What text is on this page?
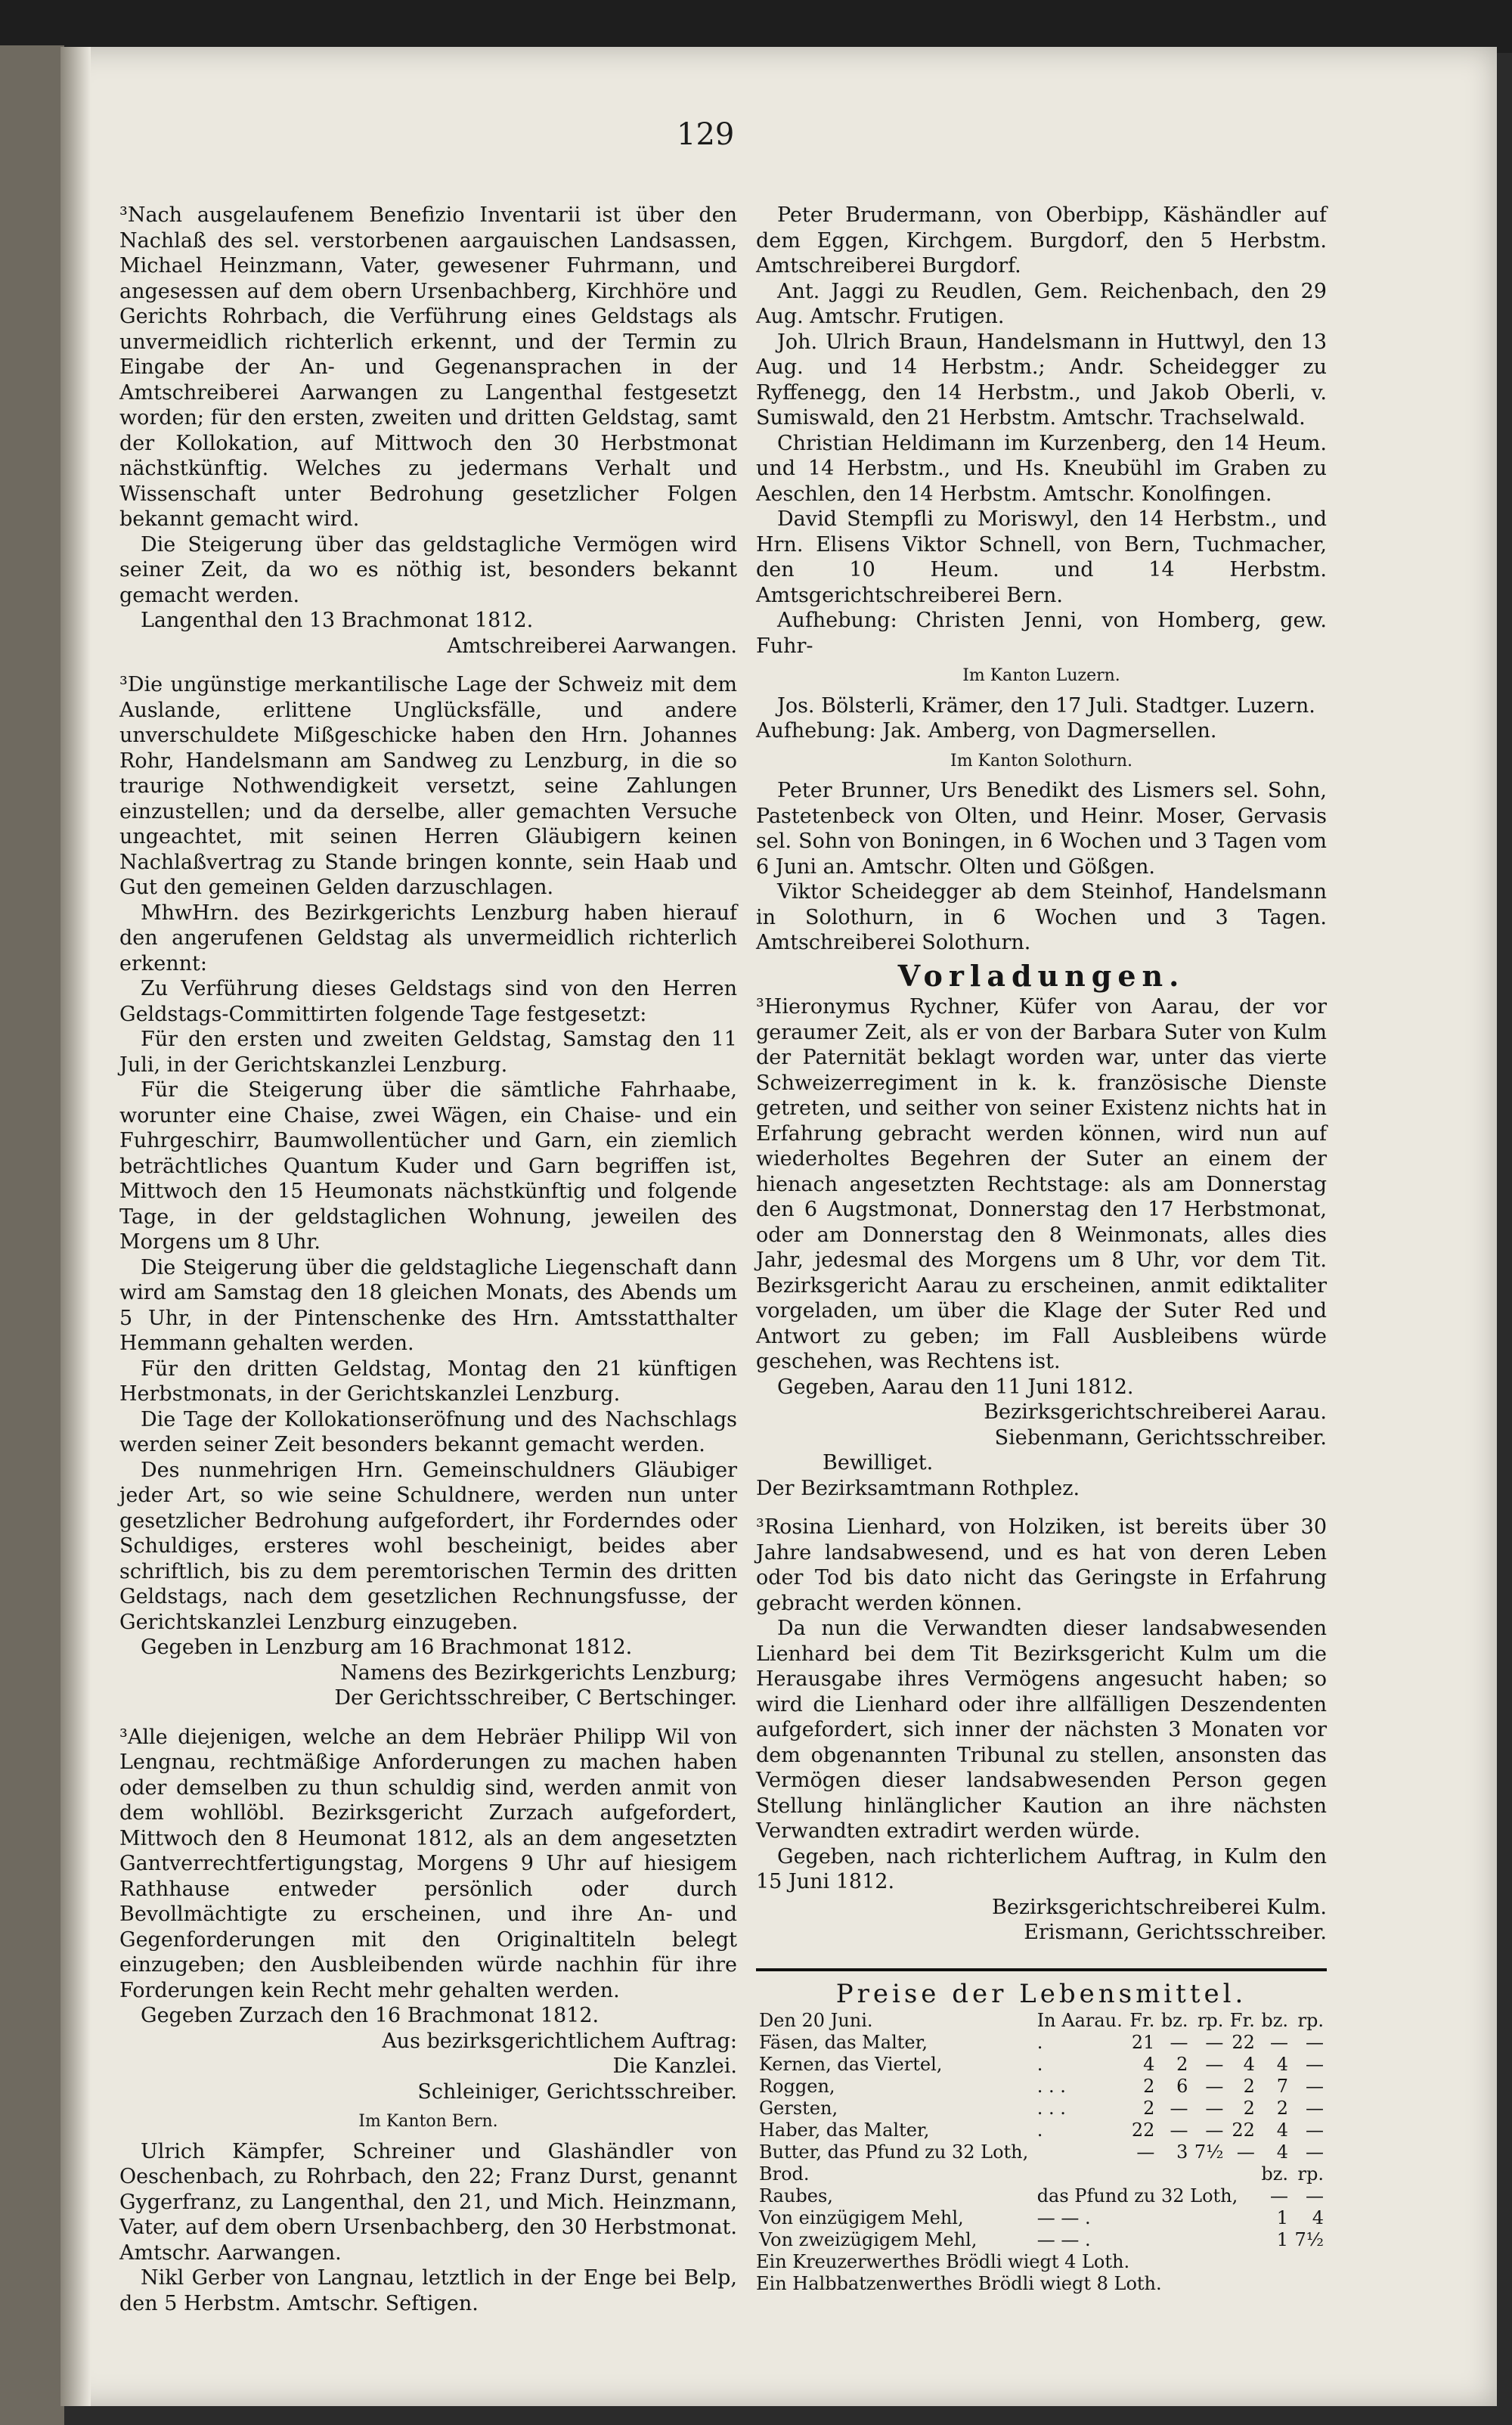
129

³Nach ausgelaufenem Benefizio Inventarii ist über den Nachlaß des sel. verstorbenen aargauischen Landsassen, Michael Heinzmann, Vater, gewesener Fuhrmann, und angesessen auf dem obern Ursenbachberg, Kirchhöre und Gerichts Rohrbach, die Verführung eines Geldstags als unvermeidlich richterlich erkennt, und der Termin zu Eingabe der An- und Gegenansprachen in der Amtschreiberei Aarwangen zu Langenthal festgesetzt worden; für den ersten, zweiten und dritten Geldstag, samt der Kollokation, auf Mittwoch den 30 Herbstmonat nächstkünftig. Welches zu jedermans Verhalt und Wissenschaft unter Bedrohung gesetzlicher Folgen bekannt gemacht wird.

Die Steigerung über das geldstagliche Vermögen wird seiner Zeit, da wo es nöthig ist, besonders bekannt gemacht werden.

Langenthal den 13 Brachmonat 1812.

Amtschreiberei Aarwangen.

³Die ungünstige merkantilische Lage der Schweiz mit dem Auslande, erlittene Unglücksfälle, und andere unverschuldete Mißgeschicke haben den Hrn. Johannes Rohr, Handelsmann am Sandweg zu Lenzburg, in die so traurige Nothwendigkeit versetzt, seine Zahlungen einzustellen; und da derselbe, aller gemachten Versuche ungeachtet, mit seinen Herren Gläubigern keinen Nachlaßvertrag zu Stande bringen konnte, sein Haab und Gut den gemeinen Gelden darzuschlagen.

MhwHrn. des Bezirkgerichts Lenzburg haben hierauf den angerufenen Geldstag als unvermeidlich richterlich erkennt:

Zu Verführung dieses Geldstags sind von den Herren Geldstags-Committirten folgende Tage festgesetzt:

Für den ersten und zweiten Geldstag, Samstag den 11 Juli, in der Gerichtskanzlei Lenzburg.

Für die Steigerung über die sämtliche Fahrhaabe, worunter eine Chaise, zwei Wägen, ein Chaise- und ein Fuhrgeschirr, Baumwollentücher und Garn, ein ziemlich beträchtliches Quantum Kuder und Garn begriffen ist, Mittwoch den 15 Heumonats nächstkünftig und folgende Tage, in der geldstaglichen Wohnung, jeweilen des Morgens um 8 Uhr.

Die Steigerung über die geldstagliche Liegenschaft dann wird am Samstag den 18 gleichen Monats, des Abends um 5 Uhr, in der Pintenschenke des Hrn. Amtsstatthalter Hemmann gehalten werden.

Für den dritten Geldstag, Montag den 21 künftigen Herbstmonats, in der Gerichtskanzlei Lenzburg.

Die Tage der Kollokationseröfnung und des Nachschlags werden seiner Zeit besonders bekannt gemacht werden.

Des nunmehrigen Hrn. Gemeinschuldners Gläubiger jeder Art, so wie seine Schuldnere, werden nun unter gesetzlicher Bedrohung aufgefordert, ihr Forderndes oder Schuldiges, ersteres wohl bescheinigt, beides aber schriftlich, bis zu dem peremtorischen Termin des dritten Geldstags, nach dem gesetzlichen Rechnungsfusse, der Gerichtskanzlei Lenzburg einzugeben.

Gegeben in Lenzburg am 16 Brachmonat 1812.

Namens des Bezirkgerichts Lenzburg;

Der Gerichtsschreiber, C Bertschinger.

³Alle diejenigen, welche an dem Hebräer Philipp Wil von Lengnau, rechtmäßige Anforderungen zu machen haben oder demselben zu thun schuldig sind, werden anmit von dem wohllöbl. Bezirksgericht Zurzach aufgefordert, Mittwoch den 8 Heumonat 1812, als an dem angesetzten Gantverrechtfertigungstag, Morgens 9 Uhr auf hiesigem Rathhause entweder persönlich oder durch Bevollmächtigte zu erscheinen, und ihre An- und Gegenforderungen mit den Originaltiteln belegt einzugeben; den Ausbleibenden würde nachhin für ihre Forderungen kein Recht mehr gehalten werden.

Gegeben Zurzach den 16 Brachmonat 1812.

Aus bezirksgerichtlichem Auftrag:

Die Kanzlei.

Schleiniger, Gerichtsschreiber.

Im Kanton Bern.

Ulrich Kämpfer, Schreiner und Glashändler von Oeschenbach, zu Rohrbach, den 22; Franz Durst, genannt Gygerfranz, zu Langenthal, den 21, und Mich. Heinzmann, Vater, auf dem obern Ursenbachberg, den 30 Herbstmonat. Amtschr. Aarwangen.

Nikl Gerber von Langnau, letztlich in der Enge bei Belp, den 5 Herbstm. Amtschr. Seftigen.

Peter Brudermann, von Oberbipp, Käshändler auf dem Eggen, Kirchgem. Burgdorf, den 5 Herbstm. Amtschreiberei Burgdorf.

Ant. Jaggi zu Reudlen, Gem. Reichenbach, den 29 Aug. Amtschr. Frutigen.

Joh. Ulrich Braun, Handelsmann in Huttwyl, den 13 Aug. und 14 Herbstm.; Andr. Scheidegger zu Ryffenegg, den 14 Herbstm., und Jakob Oberli, v. Sumiswald, den 21 Herbstm. Amtschr. Trachselwald.

Christian Heldimann im Kurzenberg, den 14 Heum. und 14 Herbstm., und Hs. Kneubühl im Graben zu Aeschlen, den 14 Herbstm. Amtschr. Konolfingen.

David Stempfli zu Moriswyl, den 14 Herbstm., und Hrn. Elisens Viktor Schnell, von Bern, Tuchmacher, den 10 Heum. und 14 Herbstm. Amtsgerichtschreiberei Bern.

Aufhebung: Christen Jenni, von Homberg, gew. Fuhr-

Im Kanton Luzern.

Jos. Bölsterli, Krämer, den 17 Juli. Stadtger. Luzern.

Aufhebung: Jak. Amberg, von Dagmersellen.

Im Kanton Solothurn.

Peter Brunner, Urs Benedikt des Lismers sel. Sohn, Pastetenbeck von Olten, und Heinr. Moser, Gervasis sel. Sohn von Boningen, in 6 Wochen und 3 Tagen vom 6 Juni an. Amtschr. Olten und Gößgen.

Viktor Scheidegger ab dem Steinhof, Handelsmann in Solothurn, in 6 Wochen und 3 Tagen. Amtschreiberei Solothurn.

Vorladungen.

³Hieronymus Rychner, Küfer von Aarau, der vor geraumer Zeit, als er von der Barbara Suter von Kulm der Paternität beklagt worden war, unter das vierte Schweizerregiment in k. k. französische Dienste getreten, und seither von seiner Existenz nichts hat in Erfahrung gebracht werden können, wird nun auf wiederholtes Begehren der Suter an einem der hienach angesetzten Rechtstage: als am Donnerstag den 6 Augstmonat, Donnerstag den 17 Herbstmonat, oder am Donnerstag den 8 Weinmonats, alles dies Jahr, jedesmal des Morgens um 8 Uhr, vor dem Tit. Bezirksgericht Aarau zu erscheinen, anmit ediktaliter vorgeladen, um über die Klage der Suter Red und Antwort zu geben; im Fall Ausbleibens würde geschehen, was Rechtens ist.

Gegeben, Aarau den 11 Juni 1812.

Bezirksgerichtschreiberei Aarau.

Siebenmann, Gerichtsschreiber.

Bewilliget.

Der Bezirksamtmann Rothplez.

³Rosina Lienhard, von Holziken, ist bereits über 30 Jahre landsabwesend, und es hat von deren Leben oder Tod bis dato nicht das Geringste in Erfahrung gebracht werden können.

Da nun die Verwandten dieser landsabwesenden Lienhard bei dem Tit Bezirksgericht Kulm um die Herausgabe ihres Vermögens angesucht haben; so wird die Lienhard oder ihre allfälligen Deszendenten aufgefordert, sich inner der nächsten 3 Monaten vor dem obgenannten Tribunal zu stellen, ansonsten das Vermögen dieser landsabwesenden Person gegen Stellung hinlänglicher Kaution an ihre nächsten Verwandten extradirt werden würde.

Gegeben, nach richterlichem Auftrag, in Kulm den 15 Juni 1812.

Bezirksgerichtschreiberei Kulm.

Erismann, Gerichtsschreiber.

Preise der Lebensmittel.
Den 20 Juni.	In Aarau.	Fr.	bz.	rp.	Fr.	bz.	rp.
Fäsen, das Malter,	.	21	—	—	22	—	—
Kernen, das Viertel,	.	4	2	—	4	4	—
Roggen,	. . .	2	6	—	2	7	—
Gersten,	. . .	2	—	—	2	2	—
Haber, das Malter,	.	22	—	—	22	4	—
Butter, das Pfund zu 32 Loth,		—	3	7½	—	4	—
Brod.						bz.	rp.
Raubes,	das Pfund zu 32 Loth,					—	—
Von einzügigem Mehl,	— — .					1	4
Von zweizügigem Mehl,	— — .					1	7½

Ein Kreuzerwerthes Brödli wiegt 4 Loth.

Ein Halbbatzenwerthes Brödli wiegt 8 Loth.
